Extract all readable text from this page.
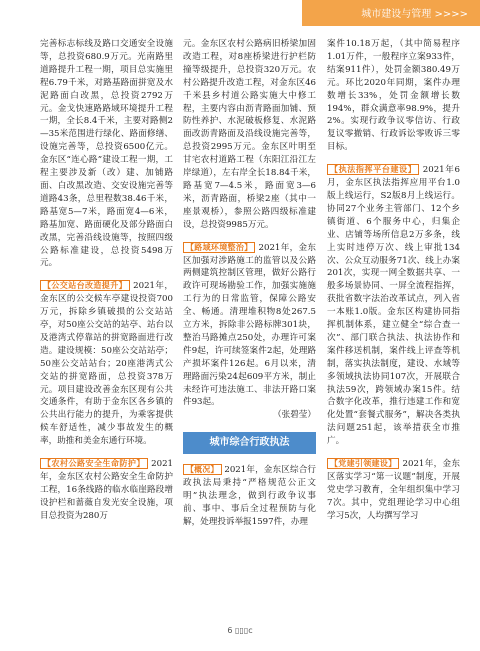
城市建设与管理 >>>>

完善标志标线及路口交通安全设施等，总投资680.9万元。光南路里道路提升工程一期，项目总实施里程6.79千米，对路基路面拼宽及水泥路面白改黑，总投资2792万元。金戈快速路路域环境提升工程一期，全长8.4千米，主要对路侧2—35米范围进行绿化、路面修缮、设施完善等，总投资6500亿元。金东区“连心路”建设工程一期，工程主要涉及新（改）建、加铺路面、白改黑改造、交安设施完善等道路43条，总里程数38.46千米，路基宽5—7米，路面宽4—6米，路基加宽、路面硬化及部分路面白改黑，完善沿线设施等，按照四级公路标准建设，总投资5498万元。

【公交站台改造提升】 2021年，金东区的公交候车亭建设投资700万元，拆除乡镇破损的公交站站亭，对50座公交站的站亭、站台以及港湾式停靠站的拼宽路面进行改造。建设规模：50座公交站站亭；50座公交站站台；20座港湾式公交站的拼宽路面，总投资378万元。项目建设改善金东区现有公共交通条件，有助于金东区各乡镇的公共出行能力的提升，为乘客提供候车舒适性，减少事故发生的概率，助推和美金东通行环境。

【农村公路安全生命防护】 2021年，金东区农村公路安全生命防护工程，16条线路的临水临崖路段增设护栏和蔷薇自发光安全设施，项目总投资为280万

元。金东区农村公路病旧桥梁加固改造工程，对8座桥梁进行护栏防撞等级提升，总投资320万元。农村公路提升改造工程，对金东区46千米县乡村道公路实施大中修工程，主要内容由沥青路面加铺、预防性养护、水泥破板修复、水泥路面改沥青路面及沿线设施完善等，总投资2995万元。金东区叶明至甘宅农村道路工程（东阳江沿江左岸绿道），左右岸全长18.84千米，路基宽7—4.5米，路面宽3—6米，沥青路面，桥梁2座（其中一座景观桥），参照公路四级标准建设，总投资9985万元。

【路域环境整治】 2021年，金东区加强对涉路施工的监管以及公路两侧建筑控制区管理，做好公路行政许可现场勘验工作，加强实施施工行为的日常监管，保障公路安全、畅通。清理堆积物8处267.5立方米，拆除非公路标牌301块，整治马路摊点250处，办理许可案件9起，许可续签案件2起，处理路产损坏案件126起。6月以来，清理路面污染24起609平方米，制止未经许可违法施工、非法开路口案件93起。

（张碧莹）

城市综合行政执法

【概况】 2021年，金东区综合行政执法局秉持“严格规范公正文明”执法理念，做到行政争议事前、事中、事后全过程预防与化解，处理投诉举报1597件，办理

案件10.18万起，（其中简易程序1.01万件，一般程序立案933件，结案911件），处罚金额380.49万元。环比2020年同期，案件办理数增长33%，处罚金额增长数194%，群众满意率98.9%，提升2%。实现行政争议零信访、行政复议零撤销、行政诉讼零败诉三零目标。

【执法指挥平台建设】 2021年6月，金东区执法指挥应用平台1.0版上线运行，S2版8月上线运行。协同27个业务主管部门、12个乡镇街道、6个服务中心，归集企业、店铺等场所信息2万多条，线上实时违停万次、线上审批134次、公众互动服务71次、线上办案201次，实现一网全数据共享、一般多场景协同、一屏全流程指挥，获批省数字法治改革试点，列入省一本账1.0版。金东区构建协同指挥机制体系，建立健全“综合查一次”、部门联合执法、执法协作和案件移送机制，案件线上评查等机制，落实执法制度，建设、水域等多领域执法协同107次，开展联合执法59次，跨领域办案15件。结合数字化改革，推行违建工作和宽化处置“套餐式服务”，解决各类执法问题251起，该举措获全市推广。

【党建引领建设】 2021年，金东区落实学习“第一议题”制度，开展党史学习教育，全年组织集中学习7次。其中，党组理论学习中心组学习5次，人均撰写学习

6 ▯▯▯c
